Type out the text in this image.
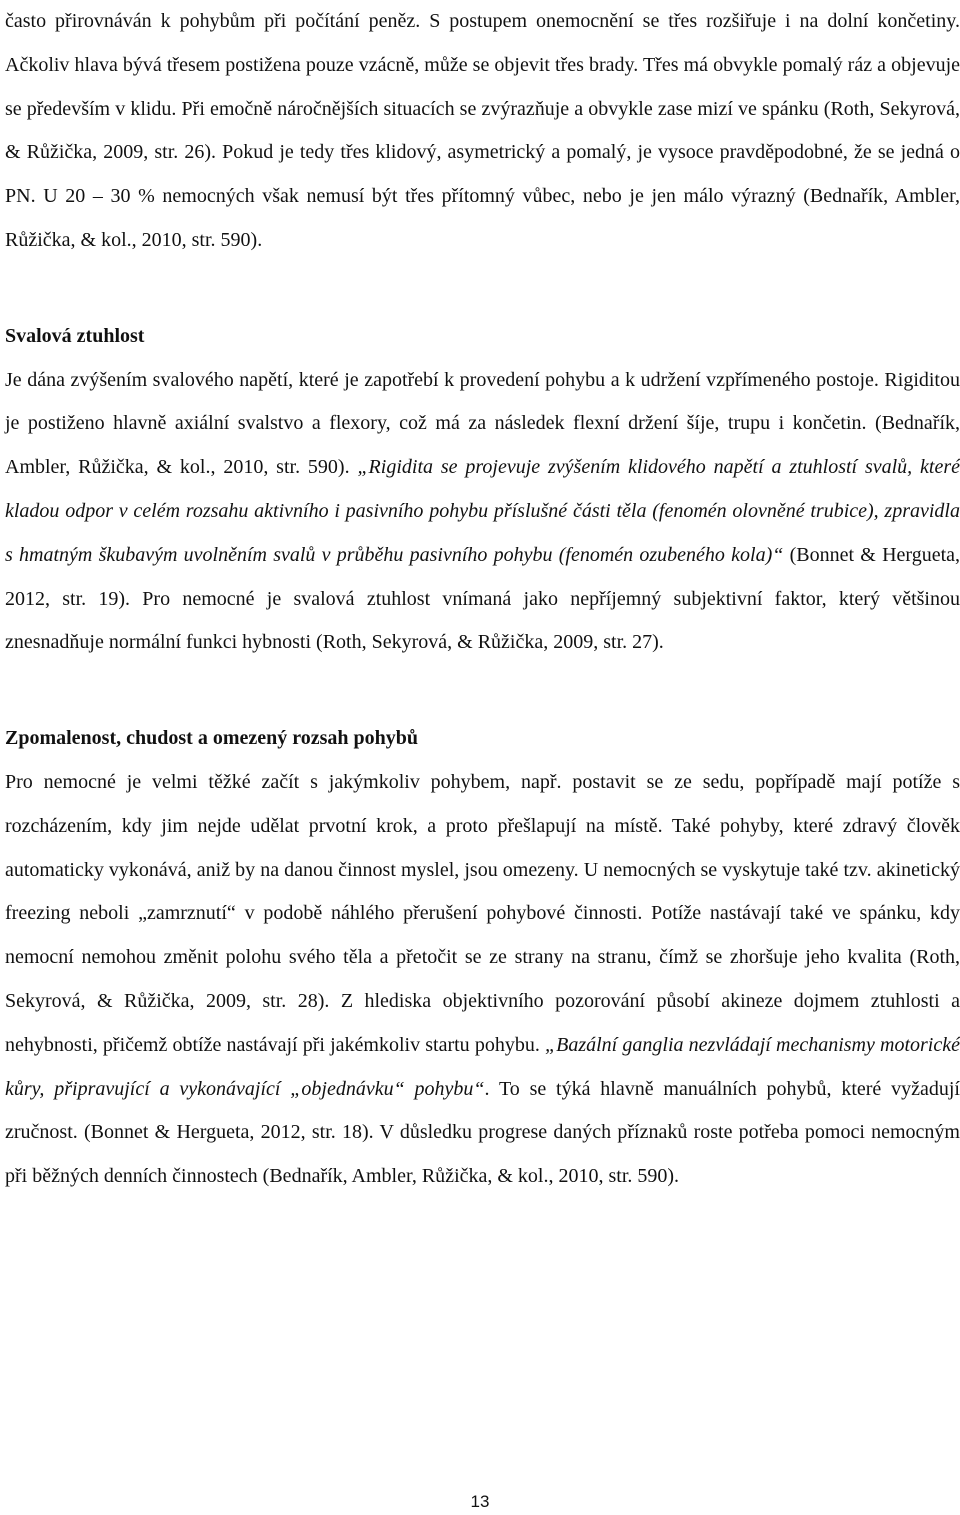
často přirovnáván k pohybům při počítání peněz. S postupem onemocnění se třes rozšiřuje i na dolní končetiny. Ačkoliv hlava bývá třesem postižena pouze vzácně, může se objevit třes brady. Třes má obvykle pomalý ráz a objevuje se především v klidu. Při emočně náročnějších situacích se zvýrazňuje a obvykle zase mizí ve spánku (Roth, Sekyrová, & Růžička, 2009, str. 26). Pokud je tedy třes klidový, asymetrický a pomalý, je vysoce pravděpodobné, že se jedná o PN. U 20 – 30 % nemocných však nemusí být třes přítomný vůbec, nebo je jen málo výrazný (Bednařík, Ambler, Růžička, & kol., 2010, str. 590).

Svalová ztuhlost

Je dána zvýšením svalového napětí, které je zapotřebí k provedení pohybu a k udržení vzpřímeného postoje. Rigiditou je postiženo hlavně axiální svalstvo a flexory, což má za následek flexní držení šíje, trupu i končetin. (Bednařík, Ambler, Růžička, & kol., 2010, str. 590). „Rigidita se projevuje zvýšením klidového napětí a ztuhlostí svalů, které kladou odpor v celém rozsahu aktivního i pasivního pohybu příslušné části těla (fenomén olovněné trubice), zpravidla s hmatným škubavým uvolněním svalů v průběhu pasivního pohybu (fenomén ozubeného kola)“ (Bonnet & Hergueta, 2012, str. 19). Pro nemocné je svalová ztuhlost vnímaná jako nepříjemný subjektivní faktor, který většinou znesnadňuje normální funkci hybnosti (Roth, Sekyrová, & Růžička, 2009, str. 27).

Zpomalenost, chudost a omezený rozsah pohybů

Pro nemocné je velmi těžké začít s jakýmkoliv pohybem, např. postavit se ze sedu, popřípadě mají potíže s rozcházením, kdy jim nejde udělat prvotní krok, a proto přešlapují na místě. Také pohyby, které zdravý člověk automaticky vykonává, aniž by na danou činnost myslel, jsou omezeny. U nemocných se vyskytuje také tzv. akinetický freezing neboli „zamrznutí“ v podobě náhlého přerušení pohybové činnosti. Potíže nastávají také ve spánku, kdy nemocní nemohou změnit polohu svého těla a přetočit se ze strany na stranu, čímž se zhoršuje jeho kvalita (Roth, Sekyrová, & Růžička, 2009, str. 28). Z hlediska objektivního pozorování působí akineze dojmem ztuhlosti a nehybnosti, přičemž obtíže nastávají při jakémkoliv startu pohybu. „Bazální ganglia nezvládají mechanismy motorické kůry, připravující a vykonávající „objednávku“ pohybu“. To se týká hlavně manuálních pohybů, které vyžadují zručnost. (Bonnet & Hergueta, 2012, str. 18). V důsledku progrese daných příznaků roste potřeba pomoci nemocným při běžných denních činnostech (Bednařík, Ambler, Růžička, & kol., 2010, str. 590).

13
